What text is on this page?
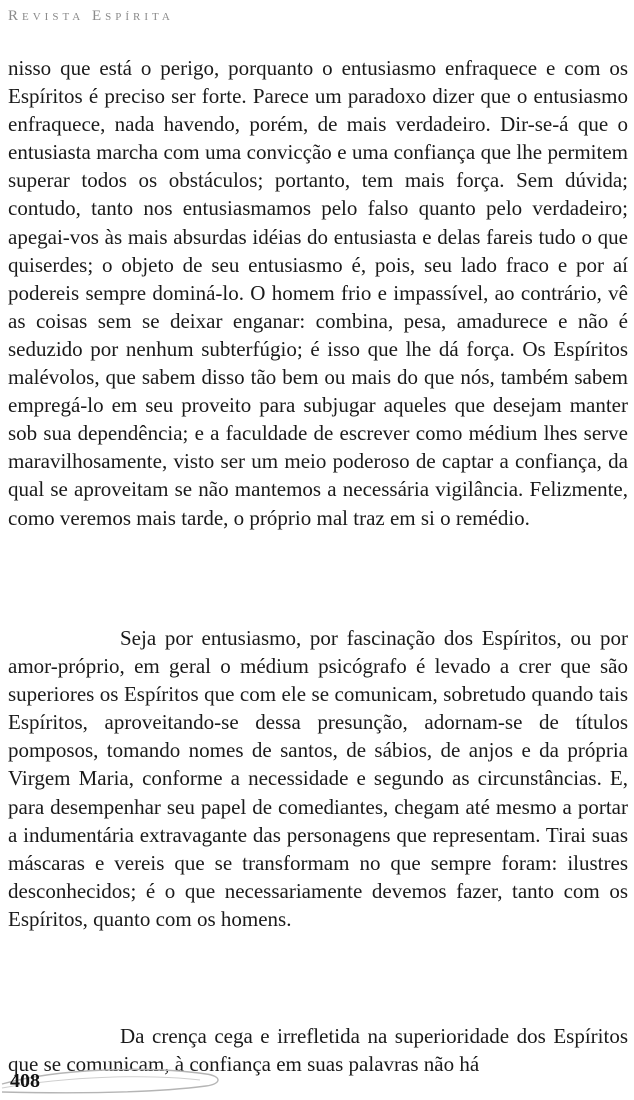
Revista Espírita

nisso que está o perigo, porquanto o entusiasmo enfraquece e com os Espíritos é preciso ser forte. Parece um paradoxo dizer que o entusiasmo enfraquece, nada havendo, porém, de mais verdadeiro. Dir-se-á que o entusiasta marcha com uma convicção e uma confiança que lhe permitem superar todos os obstáculos; portanto, tem mais força. Sem dúvida; contudo, tanto nos entusiasmamos pelo falso quanto pelo verdadeiro; apegai-vos às mais absurdas idéias do entusiasta e delas fareis tudo o que quiserdes; o objeto de seu entusiasmo é, pois, seu lado fraco e por aí podereis sempre dominá-lo. O homem frio e impassível, ao contrário, vê as coisas sem se deixar enganar: combina, pesa, amadurece e não é seduzido por nenhum subterfúgio; é isso que lhe dá força. Os Espíritos malévolos, que sabem disso tão bem ou mais do que nós, também sabem empregá-lo em seu proveito para subjugar aqueles que desejam manter sob sua dependência; e a faculdade de escrever como médium lhes serve maravilhosamente, visto ser um meio poderoso de captar a confiança, da qual se aproveitam se não mantemos a necessária vigilância. Felizmente, como veremos mais tarde, o próprio mal traz em si o remédio.

Seja por entusiasmo, por fascinação dos Espíritos, ou por amor-próprio, em geral o médium psicógrafo é levado a crer que são superiores os Espíritos que com ele se comunicam, sobretudo quando tais Espíritos, aproveitando-se dessa presunção, adornam-se de títulos pomposos, tomando nomes de santos, de sábios, de anjos e da própria Virgem Maria, conforme a necessidade e segundo as circunstâncias. E, para desempenhar seu papel de comediantes, chegam até mesmo a portar a indumentária extravagante das personagens que representam. Tirai suas máscaras e vereis que se transformam no que sempre foram: ilustres desconhecidos; é o que necessariamente devemos fazer, tanto com os Espíritos, quanto com os homens.

Da crença cega e irrefletida na superioridade dos Espíritos que se comunicam, à confiança em suas palavras não há

408
